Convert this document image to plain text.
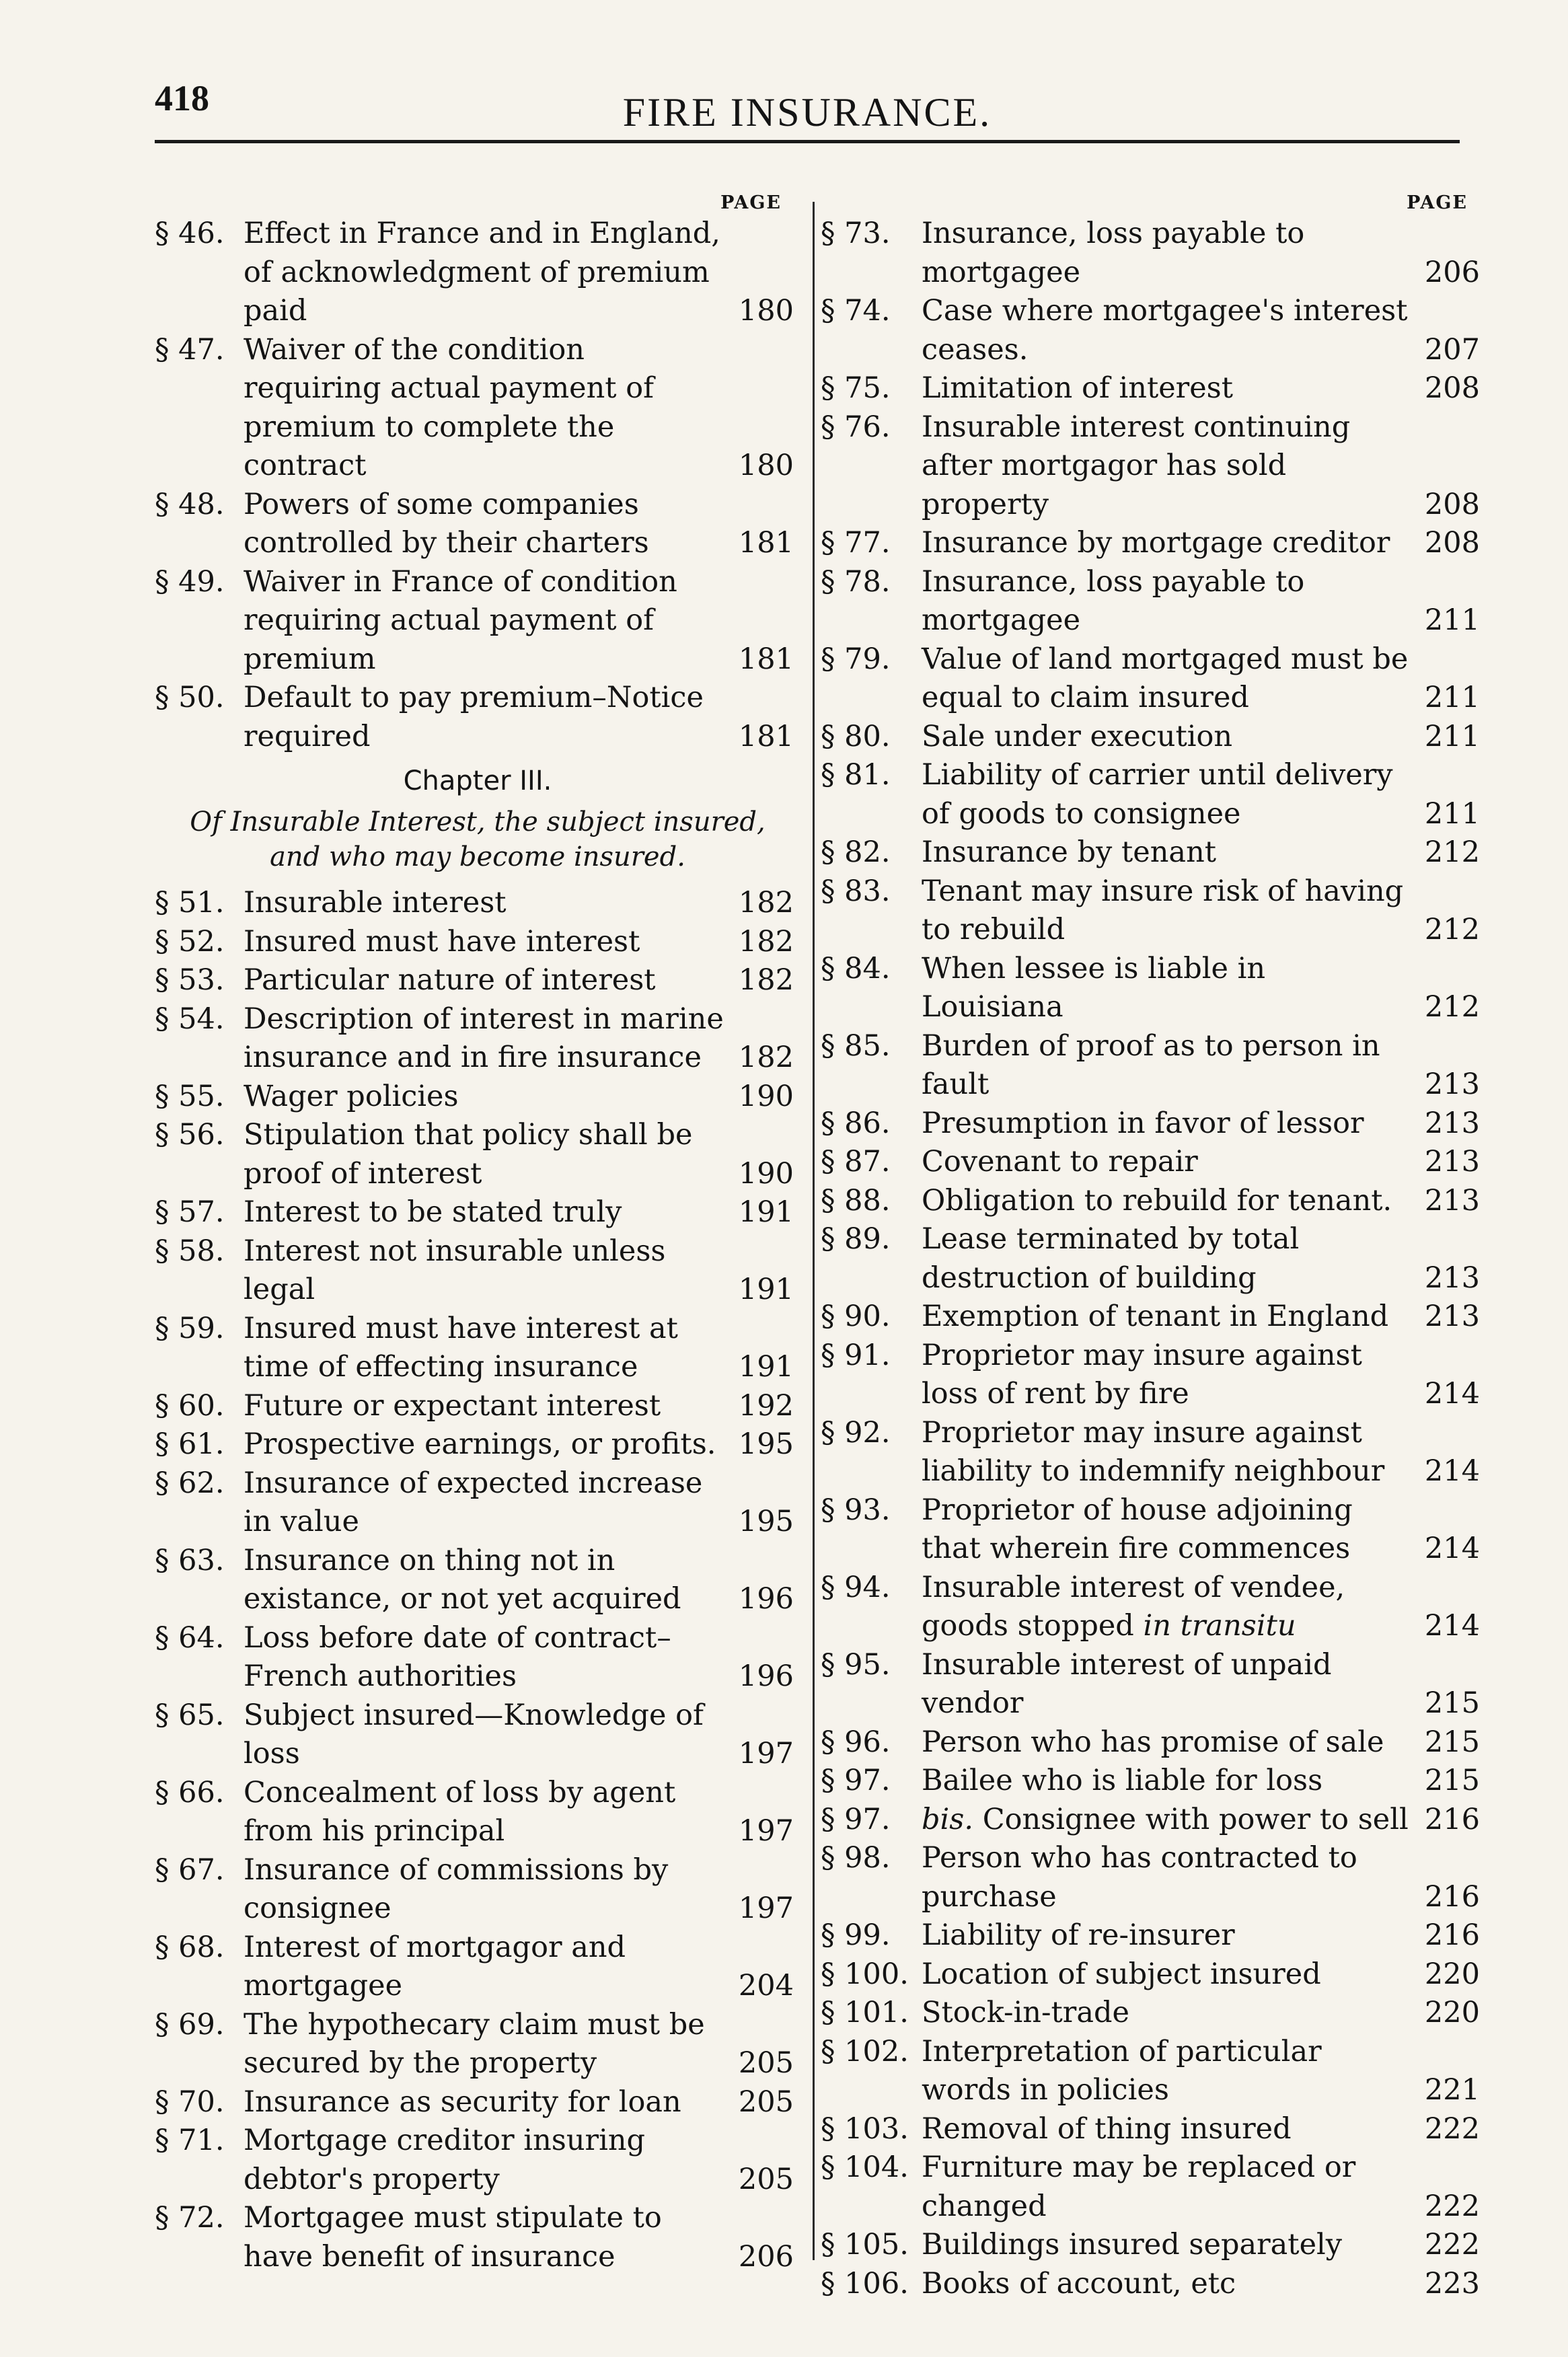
418	FIRE INSURANCE.
PAGE
§ 46. Effect in France and in England, of acknowledgment of premium paid	180
§ 47. Waiver of the condition requiring actual payment of premium to complete the contract	180
§ 48. Powers of some companies controlled by their charters	181
§ 49. Waiver in France of condition requiring actual payment of premium	181
§ 50. Default to pay premium–Notice required	181
Chapter III.
Of Insurable Interest, the subject insured, and who may become insured.
§ 51. Insurable interest	182
§ 52. Insured must have interest	182
§ 53. Particular nature of interest	182
§ 54. Description of interest in marine insurance and in fire insurance	182
§ 55. Wager policies	190
§ 56. Stipulation that policy shall be proof of interest	190
§ 57. Interest to be stated truly	191
§ 58. Interest not insurable unless legal	191
§ 59. Insured must have interest at time of effecting insurance	191
§ 60. Future or expectant interest	192
§ 61. Prospective earnings, or profits. 195
§ 62. Insurance of expected increase in value	195
§ 63. Insurance on thing not in existance, or not yet acquired	196
§ 64. Loss before date of contract–French authorities	196
§ 65. Subject insured—Knowledge of loss	197
§ 66. Concealment of loss by agent from his principal	197
§ 67. Insurance of commissions by consignee	197
§ 68. Interest of mortgagor and mortgagee	204
§ 69. The hypothecary claim must be secured by the property	205
§ 70. Insurance as security for loan	205
§ 71. Mortgage creditor insuring debtor's property	205
§ 72. Mortgagee must stipulate to have benefit of insurance	206
PAGE
§ 73.	Insurance, loss payable to mortgagee	206
§ 74.	Case where mortgagee's interest ceases.	207
§ 75.	Limitation of interest	208
§ 76.	Insurable interest continuing after mortgagor has sold property	208
§ 77.	Insurance by mortgage creditor	208
§ 78.	Insurance, loss payable to mortgagee	211
§ 79.	Value of land mortgaged must be equal to claim insured	211
§ 80.	Sale under execution	211
§ 81.	Liability of carrier until delivery of goods to consignee	211
§ 82.	Insurance by tenant	212
§ 83.	Tenant may insure risk of having to rebuild	212
§ 84.	When lessee is liable in Louisiana	212
§ 85.	Burden of proof as to person in fault	213
§ 86.	Presumption in favor of lessor	213
§ 87.	Covenant to repair	213
§ 88.	Obligation to rebuild for tenant.	213
§ 89.	Lease terminated by total destruction of building	213
§ 90.	Exemption of tenant in England	213
§ 91.	Proprietor may insure against loss of rent by fire	214
§ 92.	Proprietor may insure against liability to indemnify neighbour	214
§ 93.	Proprietor of house adjoining that wherein fire commences	214
§ 94.	Insurable interest of vendee, goods stopped in transitu	214
§ 95.	Insurable interest of unpaid vendor	215
§ 96.	Person who has promise of sale	215
§ 97.	Bailee who is liable for loss	215
§ 97.	bis. Consignee with power to sell 216
§ 98.	Person who has contracted to purchase	216
§ 99.	Liability of re-insurer	216
§ 100. Location of subject insured	220
§ 101. Stock-in-trade	220
§ 102. Interpretation of particular words in policies	221
§ 103. Removal of thing insured	222
§ 104. Furniture may be replaced or changed	222
§ 105. Buildings insured separately	222
§ 106. Books of account, etc	223
